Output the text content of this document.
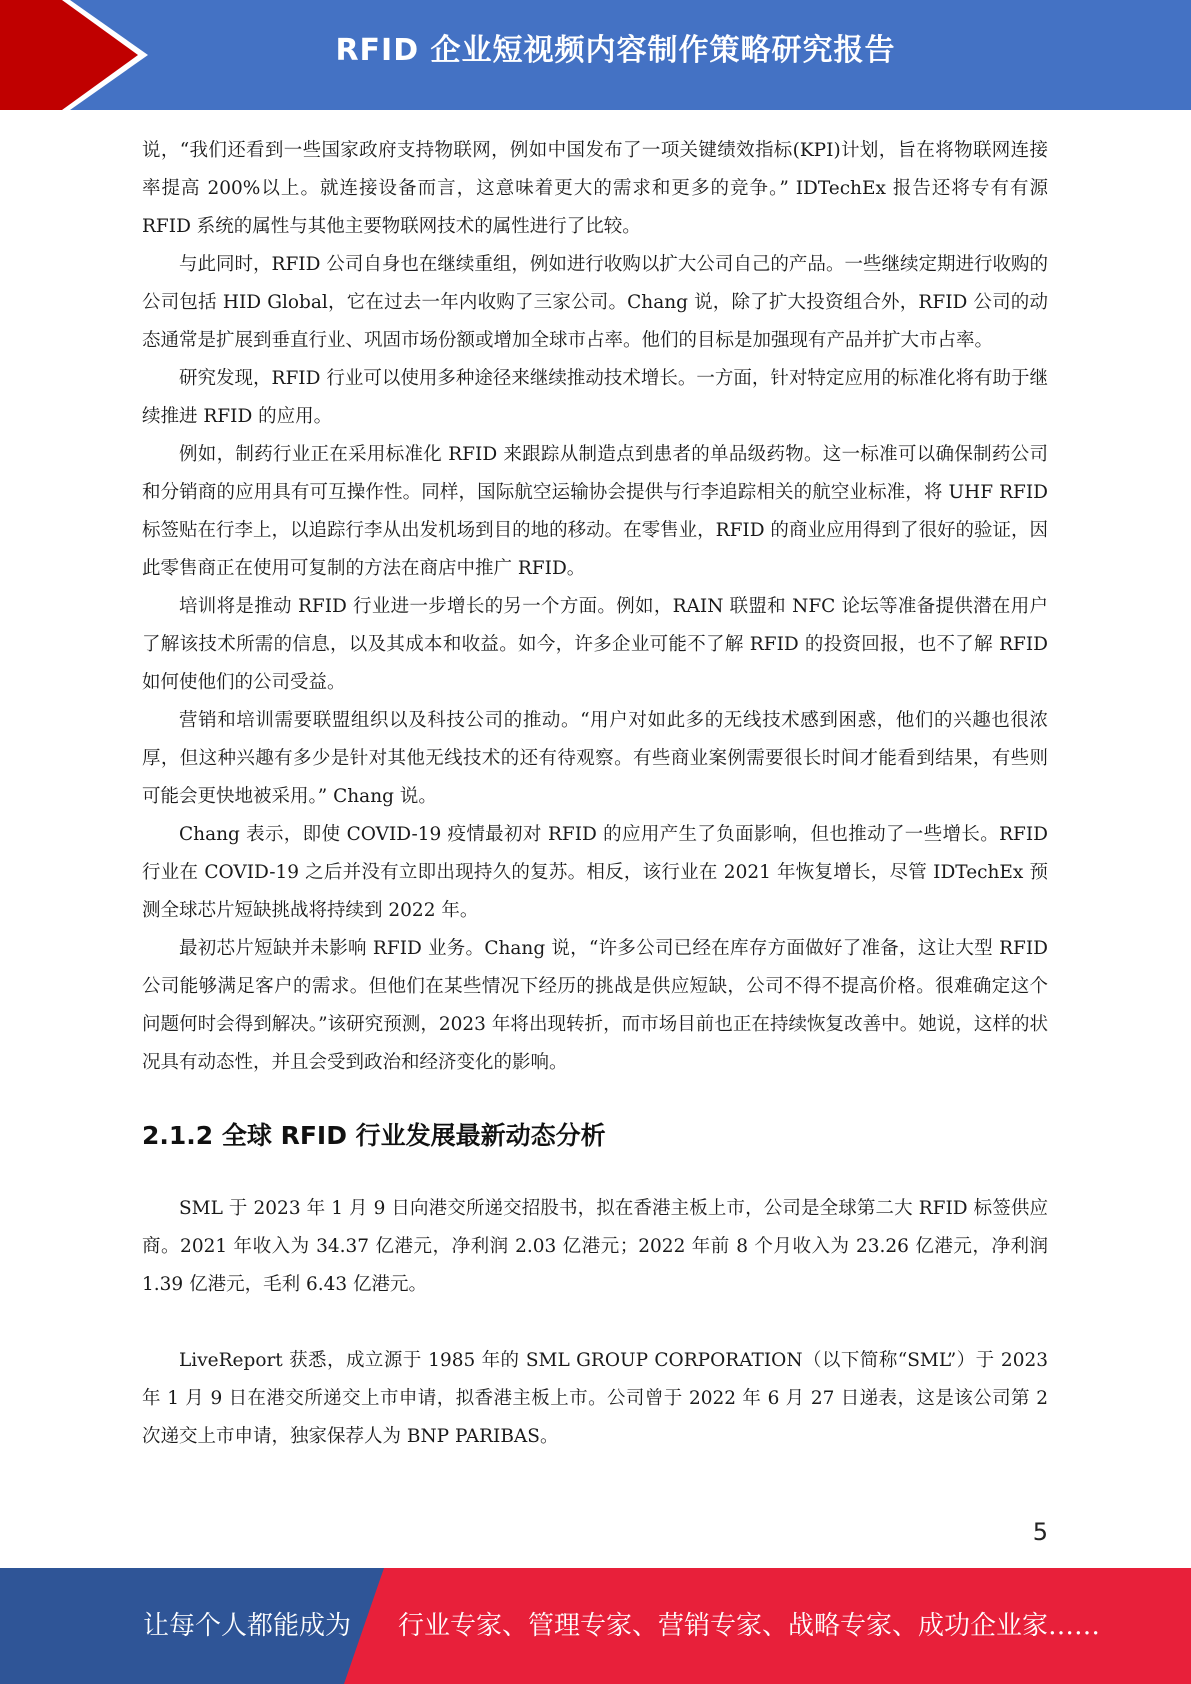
RFID 企业短视频内容制作策略研究报告

说，“我们还看到一些国家政府支持物联网，例如中国发布了一项关键绩效指标(KPI)计划，旨在将物联网连接率提高 200%以上。就连接设备而言，这意味着更大的需求和更多的竞争。” IDTechEx 报告还将专有有源 RFID 系统的属性与其他主要物联网技术的属性进行了比较。

与此同时，RFID 公司自身也在继续重组，例如进行收购以扩大公司自己的产品。一些继续定期进行收购的公司包括 HID Global，它在过去一年内收购了三家公司。Chang 说，除了扩大投资组合外，RFID 公司的动态通常是扩展到垂直行业、巩固市场份额或增加全球市占率。他们的目标是加强现有产品并扩大市占率。

研究发现，RFID 行业可以使用多种途径来继续推动技术增长。一方面，针对特定应用的标准化将有助于继续推进 RFID 的应用。

例如，制药行业正在采用标准化 RFID 来跟踪从制造点到患者的单品级药物。这一标准可以确保制药公司和分销商的应用具有可互操作性。同样，国际航空运输协会提供与行李追踪相关的航空业标准，将 UHF RFID 标签贴在行李上，以追踪行李从出发机场到目的地的移动。在零售业，RFID 的商业应用得到了很好的验证，因此零售商正在使用可复制的方法在商店中推广 RFID。

培训将是推动 RFID 行业进一步增长的另一个方面。例如，RAIN 联盟和 NFC 论坛等准备提供潜在用户了解该技术所需的信息，以及其成本和收益。如今，许多企业可能不了解 RFID 的投资回报，也不了解 RFID 如何使他们的公司受益。

营销和培训需要联盟组织以及科技公司的推动。“用户对如此多的无线技术感到困惑，他们的兴趣也很浓厚，但这种兴趣有多少是针对其他无线技术的还有待观察。有些商业案例需要很长时间才能看到结果，有些则可能会更快地被采用。” Chang 说。

Chang 表示，即使 COVID-19 疫情最初对 RFID 的应用产生了负面影响，但也推动了一些增长。RFID 行业在 COVID-19 之后并没有立即出现持久的复苏。相反，该行业在 2021 年恢复增长，尽管 IDTechEx 预测全球芯片短缺挑战将持续到 2022 年。

最初芯片短缺并未影响 RFID 业务。Chang 说，“许多公司已经在库存方面做好了准备，这让大型 RFID 公司能够满足客户的需求。但他们在某些情况下经历的挑战是供应短缺，公司不得不提高价格。很难确定这个问题何时会得到解决。”该研究预测，2023 年将出现转折，而市场目前也正在持续恢复改善中。她说，这样的状况具有动态性，并且会受到政治和经济变化的影响。

2.1.2 全球 RFID 行业发展最新动态分析

SML 于 2023 年 1 月 9 日向港交所递交招股书，拟在香港主板上市，公司是全球第二大 RFID 标签供应商。2021 年收入为 34.37 亿港元，净利润 2.03 亿港元；2022 年前 8 个月收入为 23.26 亿港元，净利润 1.39 亿港元，毛利 6.43 亿港元。

LiveReport 获悉，成立源于 1985 年的 SML GROUP CORPORATION（以下简称“SML”）于 2023 年 1 月 9 日在港交所递交上市申请，拟香港主板上市。公司曾于 2022 年 6 月 27 日递表，这是该公司第 2 次递交上市申请，独家保荐人为 BNP PARIBAS。

5
让每个人都能成为 行业专家、管理专家、营销专家、战略专家、成功企业家……
